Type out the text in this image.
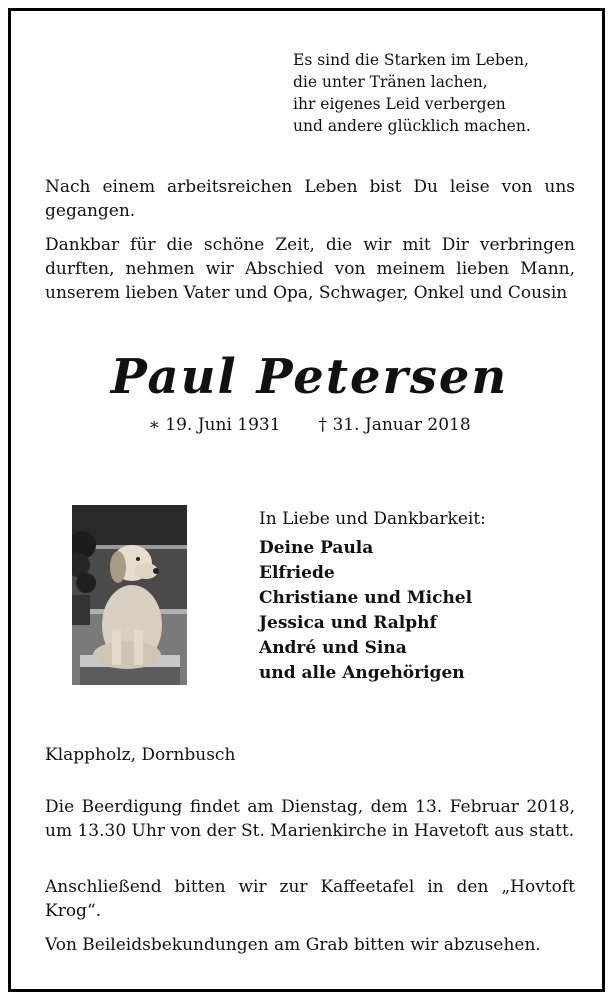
Es sind die Starken im Leben,
die unter Tränen lachen,
ihr eigenes Leid verbergen
und andere glücklich machen.
Nach einem arbeitsreichen Leben bist Du leise von uns gegangen.
Dankbar für die schöne Zeit, die wir mit Dir verbringen durften, nehmen wir Abschied von meinem lieben Mann, unserem lieben Vater und Opa, Schwager, Onkel und Cousin
Paul Petersen
∗ 19. Juni 1931 † 31. Januar 2018
In Liebe und Dankbarkeit:
Deine Paula
Elfriede
Christiane und Michel
Jessica und Ralphf
André und Sina
und alle Angehörigen
Klappholz, Dornbusch
Die Beerdigung findet am Dienstag, dem 13. Februar 2018, um 13.30 Uhr von der St. Marienkirche in Havetoft aus statt.
Anschließend bitten wir zur Kaffeetafel in den „Hovtoft Krog“.
Von Beileidsbekundungen am Grab bitten wir abzusehen.
